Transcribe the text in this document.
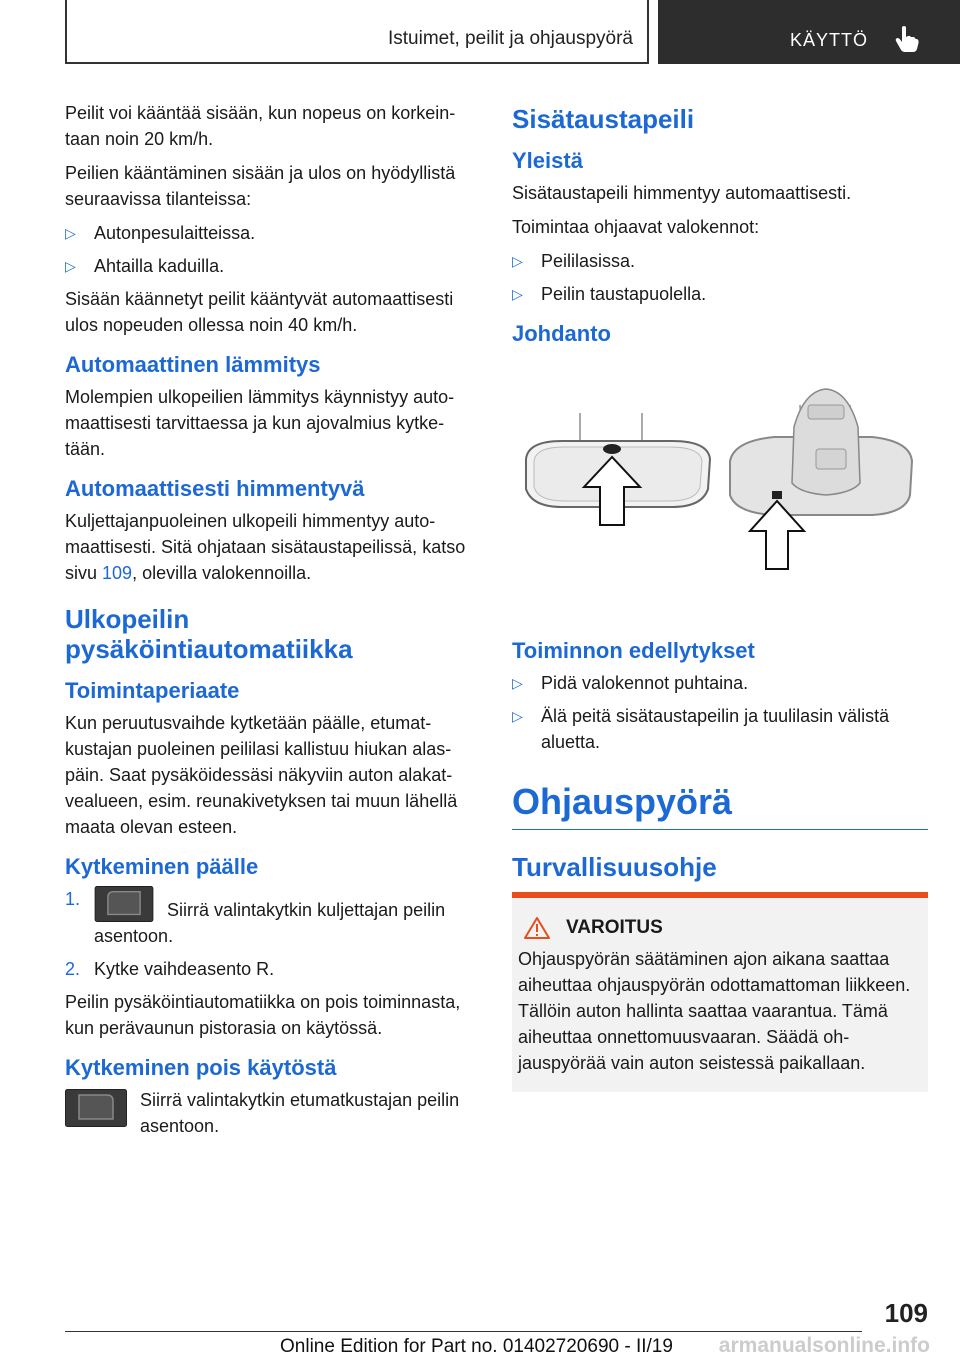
Istuimet, peilit ja ohjauspyörä	KÄYTTÖ

Peilit voi kääntää sisään, kun nopeus on korkeintaan noin 20 km/h.

Peilien kääntäminen sisään ja ulos on hyödyllistä seuraavissa tilanteissa:

▷ Autonpesulaitteissa.
▷ Ahtailla kaduilla.

Sisään käännetyt peilit kääntyvät automaattisesti ulos nopeuden ollessa noin 40 km/h.

Automaattinen lämmitys

Molempien ulkopeilien lämmitys käynnistyy automaattisesti tarvittaessa ja kun ajovalmius kytketään.

Automaattisesti himmentyvä

Kuljettajanpuoleinen ulkopeili himmentyy automaattisesti. Sitä ohjataan sisätaustapeilissä, katso sivu 109, olevilla valokennoilla.

Ulkopeilin pysäköintiautomatiikka
Toimintaperiaate

Kun peruutusvaihde kytketään päälle, etumatkustajan puoleinen peililasi kallistuu hiukan alaspäin. Saat pysäköidessäsi näkyviin auton alakatvealueen, esim. reunakivetyksen tai muun lähellä maata olevan esteen.

Kytkeminen päälle
1.
Siirrä valintakytkin kuljettajan peilin asentoon.
2. Kytke vaihdeasento R.

Peilin pysäköintiautomatiikka on pois toiminnasta, kun perävaunun pistorasia on käytössä.

Kytkeminen pois käytöstä

Siirrä valintakytkin etumatkustajan peilin asentoon.

Sisätaustapeili
Yleistä

Sisätaustapeili himmentyy automaattisesti.

Toimintaa ohjaavat valokennot:

▷ Peililasissa.
▷ Peilin taustapuolella.
Johdanto
Toiminnon edellytykset
▷ Pidä valokennot puhtaina.
▷ Älä peitä sisätaustapeilin ja tuulilasin välistä aluetta.
Ohjauspyörä
Turvallisuusohje
VAROITUS

Ohjauspyörän säätäminen ajon aikana saattaa aiheuttaa ohjauspyörän odottamattoman liikkeen. Tällöin auton hallinta saattaa vaarantua. Tämä aiheuttaa onnettomuusvaaran. Säädä ohjauspyörää vain auton seistessä paikallaan.

109
Online Edition for Part no. 01402720690 - II/19 armanualsonline.info
